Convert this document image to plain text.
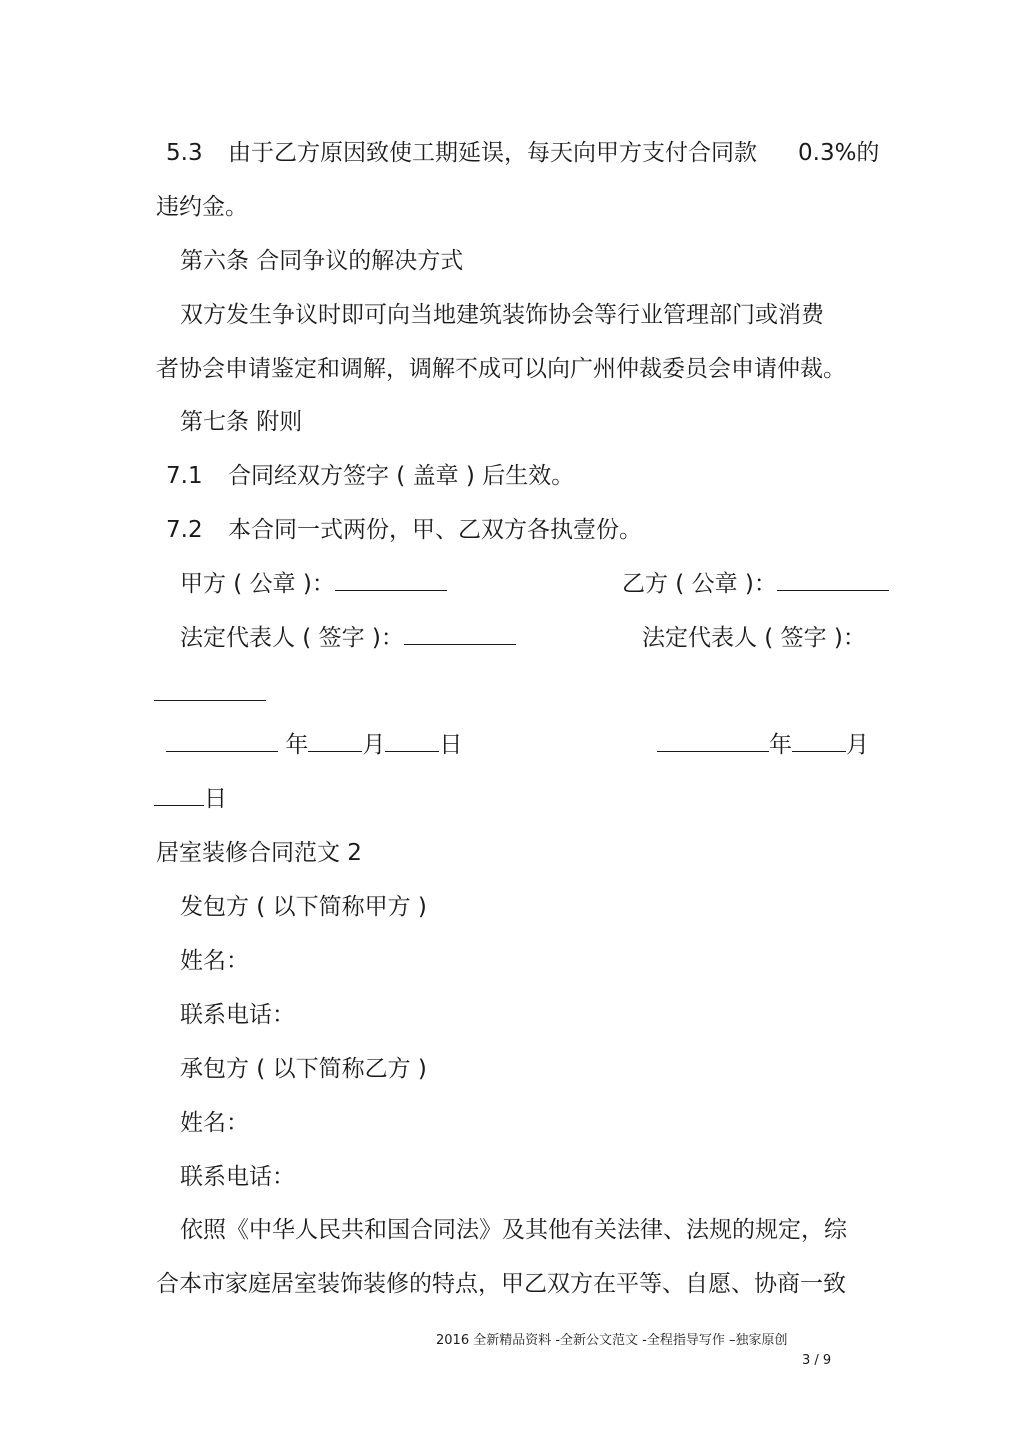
5.3 由于乙方原因致使工期延误，每天向甲方支付合同款 0.3%的
违约金。
第六条 合同争议的解决方式
双方发生争议时即可向当地建筑装饰协会等行业管理部门或消费
者协会申请鉴定和调解，调解不成可以向广州仲裁委员会申请仲裁。
第七条 附则
7.1 合同经双方签字 ( 盖章 ) 后生效。
7.2 本合同一式两份，甲、乙双方各执壹份。
甲方 ( 公章 )：	乙方 ( 公章 )：
法定代表人 ( 签字 )：	法定代表人 ( 签字 )：
年 月 日	年 月
日
居室装修合同范文 2
发包方 ( 以下简称甲方 )
姓名：
联系电话：
承包方 ( 以下简称乙方 )
姓名：
联系电话：
依照《中华人民共和国合同法》及其他有关法律、法规的规定，综
合本市家庭居室装饰装修的特点，甲乙双方在平等、自愿、协商一致
2016 全新精品资料 -全新公文范文 -全程指导写作 –独家原创
3 / 9
